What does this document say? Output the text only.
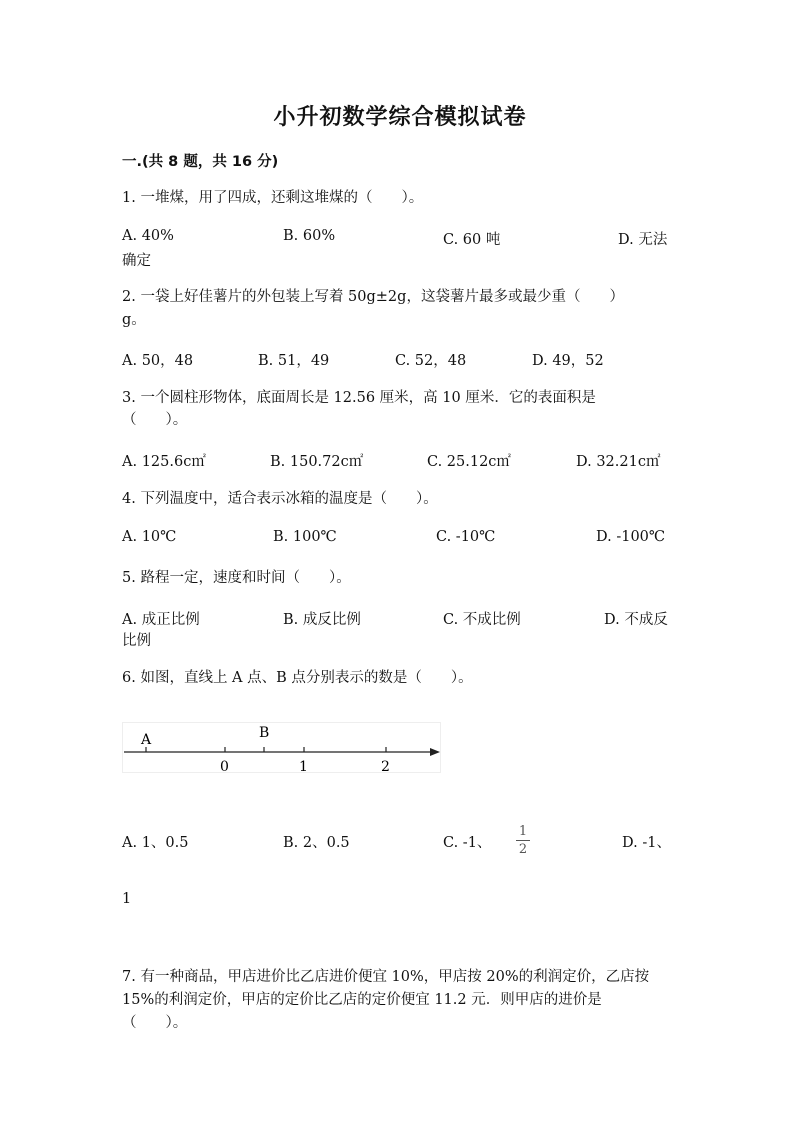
小升初数学综合模拟试卷
一.(共 8 题，共 16 分)
1. 一堆煤，用了四成，还剩这堆煤的（　　）。
A. 40%	B. 60%	C. 60 吨	D. 无法
确定
2. 一袋上好佳薯片的外包装上写着 50g±2g，这袋薯片最多或最少重（　　）
g。
A. 50，48	B. 51，49	C. 52，48	D. 49，52
3. 一个圆柱形物体，底面周长是 12.56 厘米，高 10 厘米．它的表面积是
（　　）。
A. 125.6c㎡	B. 150.72c㎡	C. 25.12c㎡	D. 32.21c㎡
4. 下列温度中，适合表示冰箱的温度是（　　）。
A. 10℃	B. 100℃	C. -10℃	D. -100℃
5. 路程一定，速度和时间（　　）。
A. 成正比例	B. 成反比例	C. 不成比例	D. 不成反
比例
6. 如图，直线上 A 点、B 点分别表示的数是（　　）。
A	B
0	1	2
A. 1、0.5	B. 2、0.5	C. -1、
1
2	D. -1、
1
7. 有一种商品，甲店进价比乙店进价便宜 10%，甲店按 20%的利润定价，乙店按
15%的利润定价，甲店的定价比乙店的定价便宜 11.2 元．则甲店的进价是
（　　）。
